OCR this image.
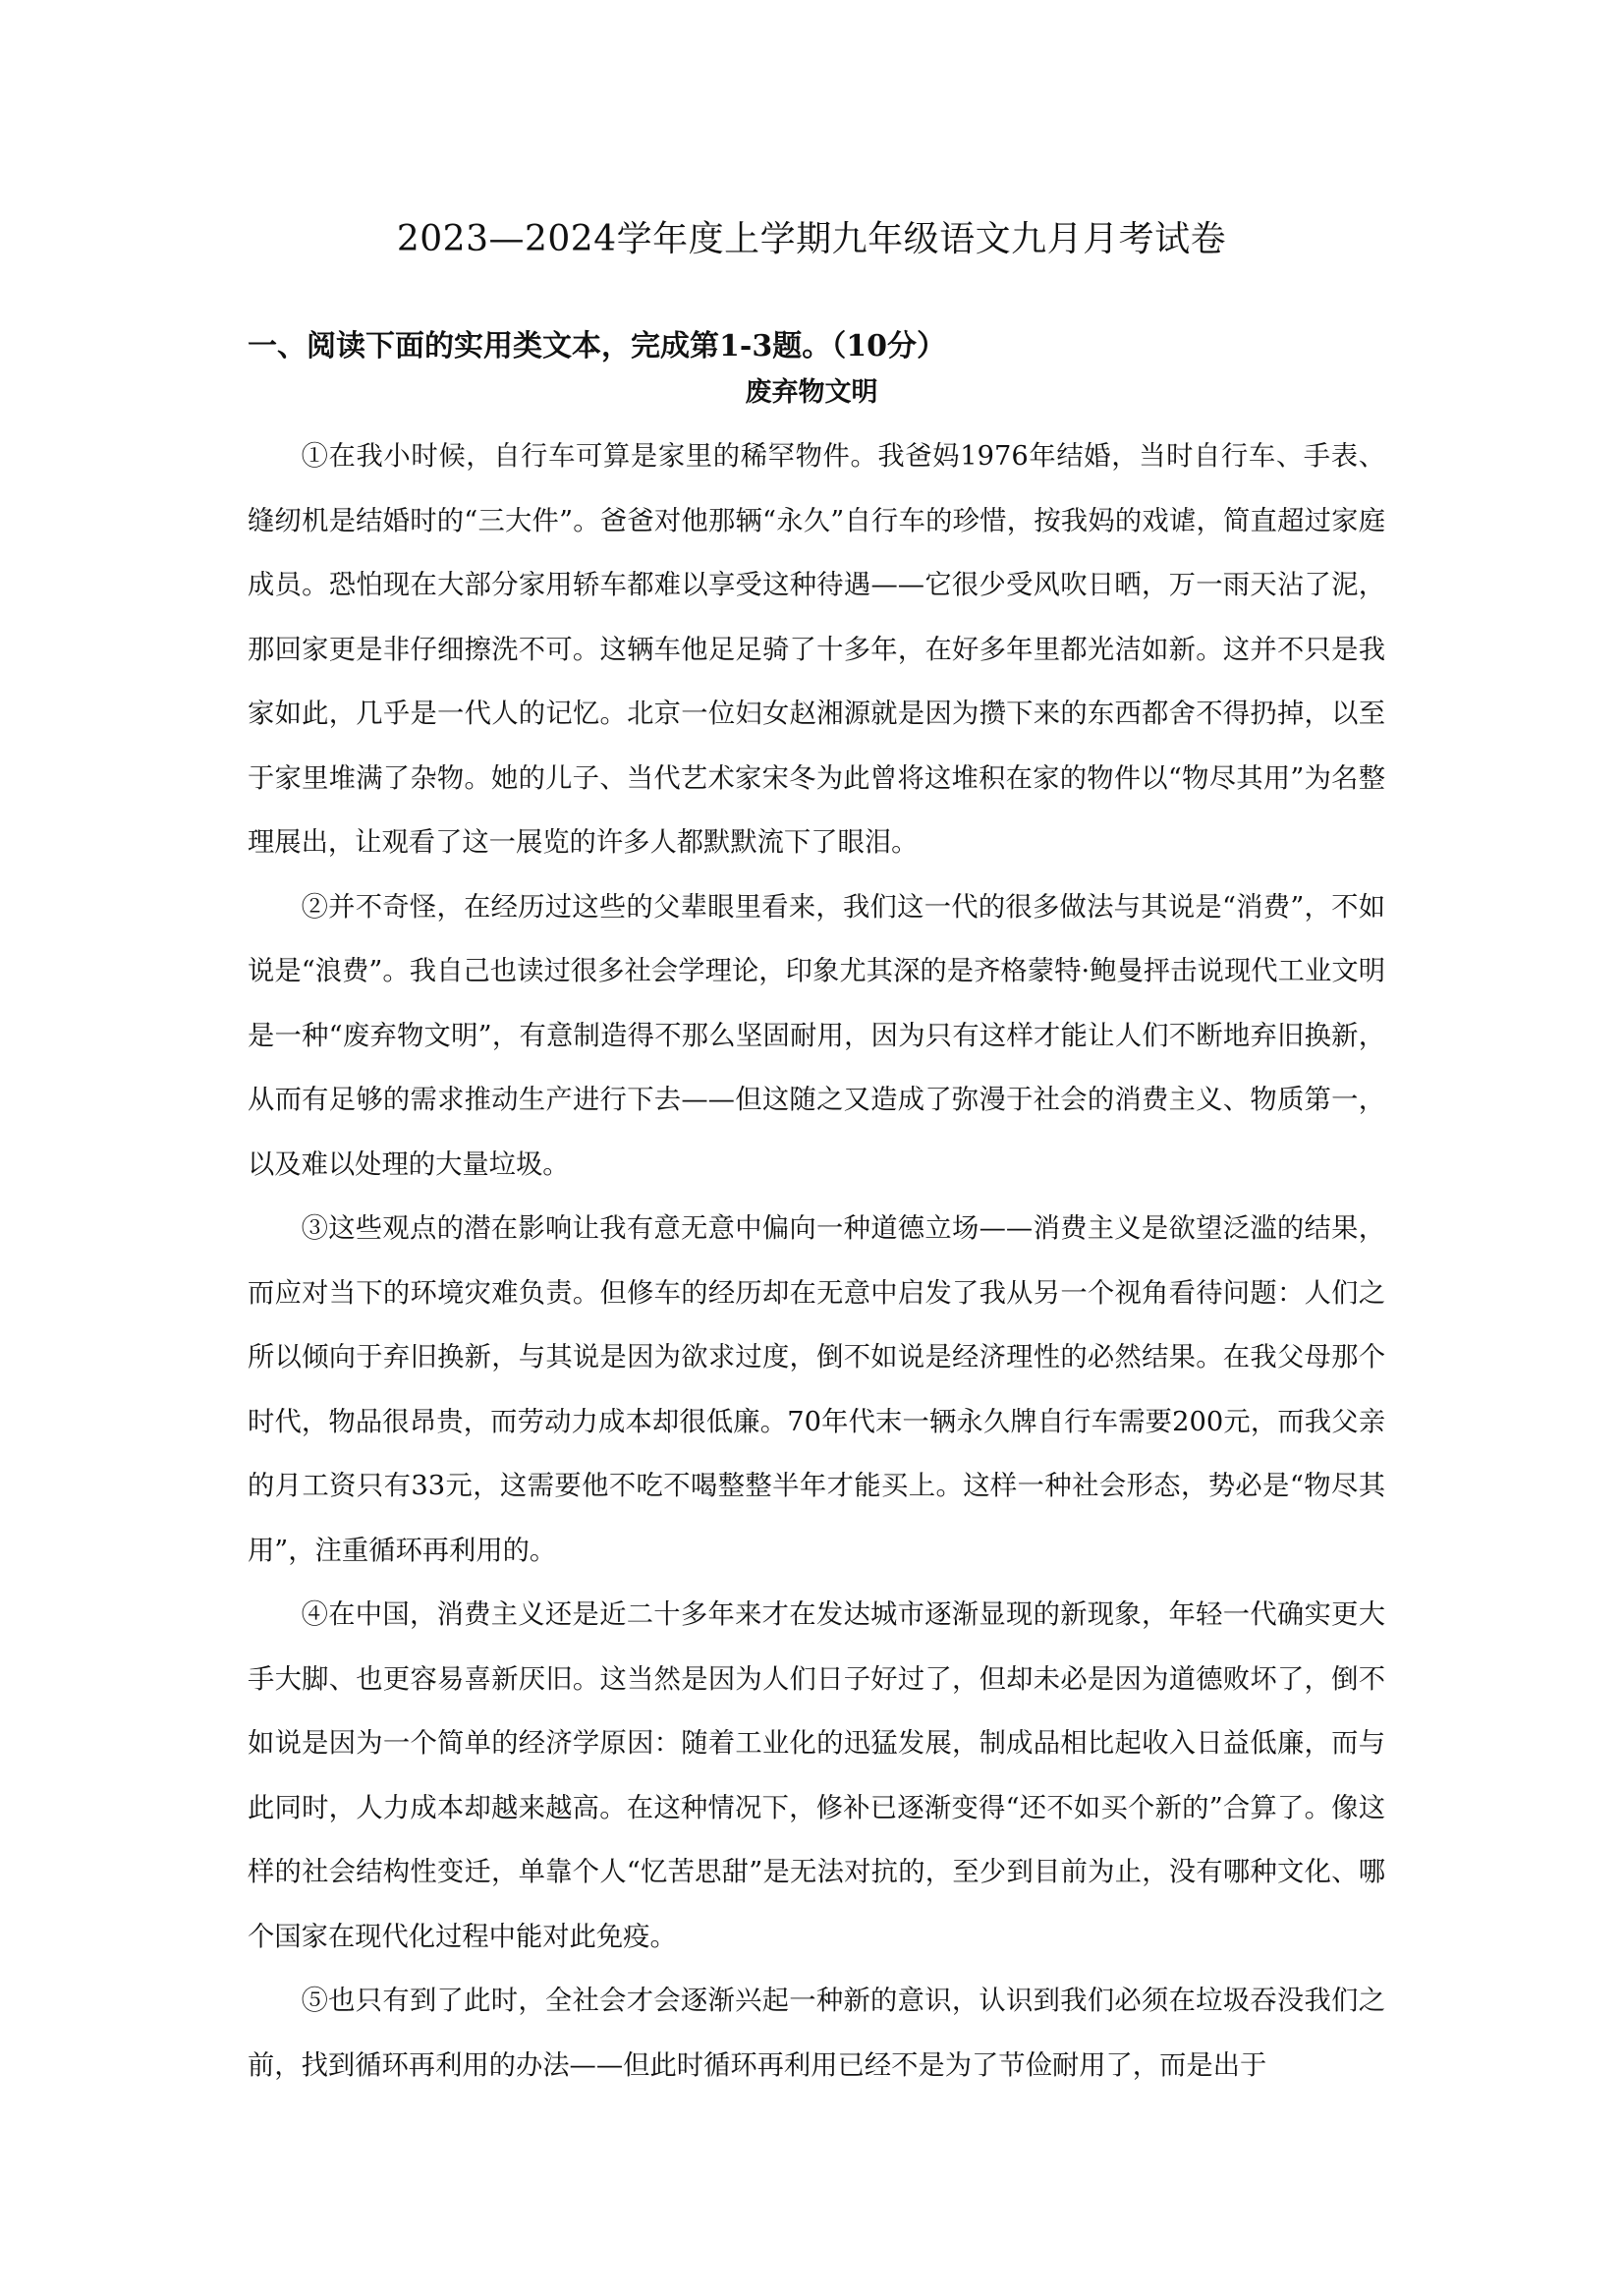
2023—2024学年度上学期九年级语文九月月考试卷
一、阅读下面的实用类文本，完成第1-3题。（10分）
废弃物文明

①在我小时候，自行车可算是家里的稀罕物件。我爸妈1976年结婚，当时自行车、手表、缝纫机是结婚时的“三大件”。爸爸对他那辆“永久”自行车的珍惜，按我妈的戏谑，简直超过家庭成员。恐怕现在大部分家用轿车都难以享受这种待遇——它很少受风吹日晒，万一雨天沾了泥，那回家更是非仔细擦洗不可。这辆车他足足骑了十多年，在好多年里都光洁如新。这并不只是我家如此，几乎是一代人的记忆。北京一位妇女赵湘源就是因为攒下来的东西都舍不得扔掉，以至于家里堆满了杂物。她的儿子、当代艺术家宋冬为此曾将这堆积在家的物件以“物尽其用”为名整理展出，让观看了这一展览的许多人都默默流下了眼泪。

②并不奇怪，在经历过这些的父辈眼里看来，我们这一代的很多做法与其说是“消费”，不如说是“浪费”。我自己也读过很多社会学理论，印象尤其深的是齐格蒙特·鲍曼抨击说现代工业文明是一种“废弃物文明”，有意制造得不那么坚固耐用，因为只有这样才能让人们不断地弃旧换新，从而有足够的需求推动生产进行下去——但这随之又造成了弥漫于社会的消费主义、物质第一，以及难以处理的大量垃圾。

③这些观点的潜在影响让我有意无意中偏向一种道德立场——消费主义是欲望泛滥的结果，而应对当下的环境灾难负责。但修车的经历却在无意中启发了我从另一个视角看待问题：人们之所以倾向于弃旧换新，与其说是因为欲求过度，倒不如说是经济理性的必然结果。在我父母那个时代，物品很昂贵，而劳动力成本却很低廉。70年代末一辆永久牌自行车需要200元，而我父亲的月工资只有33元，这需要他不吃不喝整整半年才能买上。这样一种社会形态，势必是“物尽其用”，注重循环再利用的。

④在中国，消费主义还是近二十多年来才在发达城市逐渐显现的新现象，年轻一代确实更大手大脚、也更容易喜新厌旧。这当然是因为人们日子好过了，但却未必是因为道德败坏了，倒不如说是因为一个简单的经济学原因：随着工业化的迅猛发展，制成品相比起收入日益低廉，而与此同时，人力成本却越来越高。在这种情况下，修补已逐渐变得“还不如买个新的”合算了。像这样的社会结构性变迁，单靠个人“忆苦思甜”是无法对抗的，至少到目前为止，没有哪种文化、哪个国家在现代化过程中能对此免疫。

⑤也只有到了此时，全社会才会逐渐兴起一种新的意识，认识到我们必须在垃圾吞没我们之前，找到循环再利用的办法——但此时循环再利用已经不是为了节俭耐用了，而是出于
